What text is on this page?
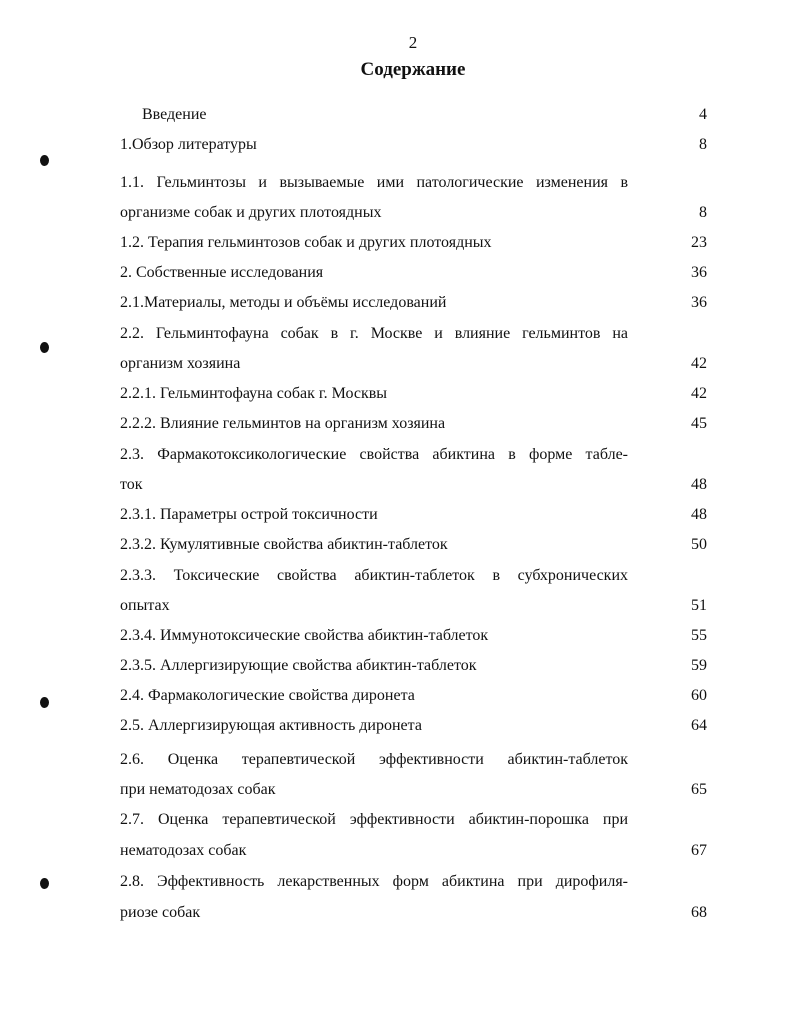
2
Содержание
Введение	4
1.Обзор литературы	8
1.1. Гельминтозы и вызываемые ими патологические изменения в
организме собак и других плотоядных	8
1.2. Терапия гельминтозов собак и других плотоядных	23
2. Собственные исследования	36
2.1.Материалы, методы и объёмы исследований	36
2.2. Гельминтофауна собак в г. Москве и влияние гельминтов на
организм хозяина	42
2.2.1. Гельминтофауна собак г. Москвы	42
2.2.2. Влияние гельминтов на организм хозяина	45
2.3. Фармакотоксикологические свойства абиктина в форме табле-
ток	48
2.3.1. Параметры острой токсичности	48
2.3.2. Кумулятивные свойства абиктин-таблеток	50
2.3.3. Токсические свойства абиктин-таблеток в субхронических
опытах	51
2.3.4. Иммунотоксические свойства абиктин-таблеток	55
2.3.5. Аллергизирующие свойства абиктин-таблеток	59
2.4. Фармакологические свойства диронета	60
2.5. Аллергизирующая активность диронета	64
2.6. Оценка терапевтической эффективности абиктин-таблеток
при нематодозах собак	65
2.7. Оценка терапевтической эффективности абиктин-порошка при
нематодозах собак	67
2.8. Эффективность лекарственных форм абиктина при дирофиля-
риозе собак	68
